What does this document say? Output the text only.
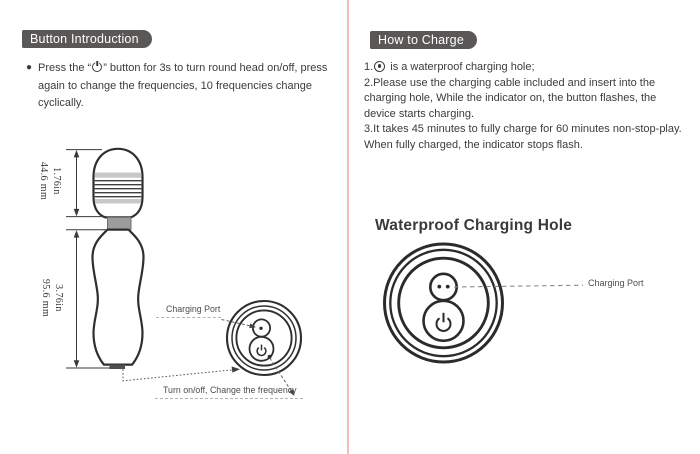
Button Introduction
● Press the “ ” button for 3s to turn round head on/off, press
again to change the frequencies, 10 frequencies change
cyclically.
1.76in
44.6 mm
3.76in
95.6 mm	Charging Port
Turn on/off, Change the frequency
How to Charge
1. is a waterproof charging hole;
2.Please use the charging cable included and insert into the
charging hole, While the indicator on, the button flashes, the
device starts charging.
3.It takes 45 minutes to fully charge for 60 minutes non-stop-play.
When fully charged, the indicator stops flash.
Waterproof Charging Hole
Charging Port
